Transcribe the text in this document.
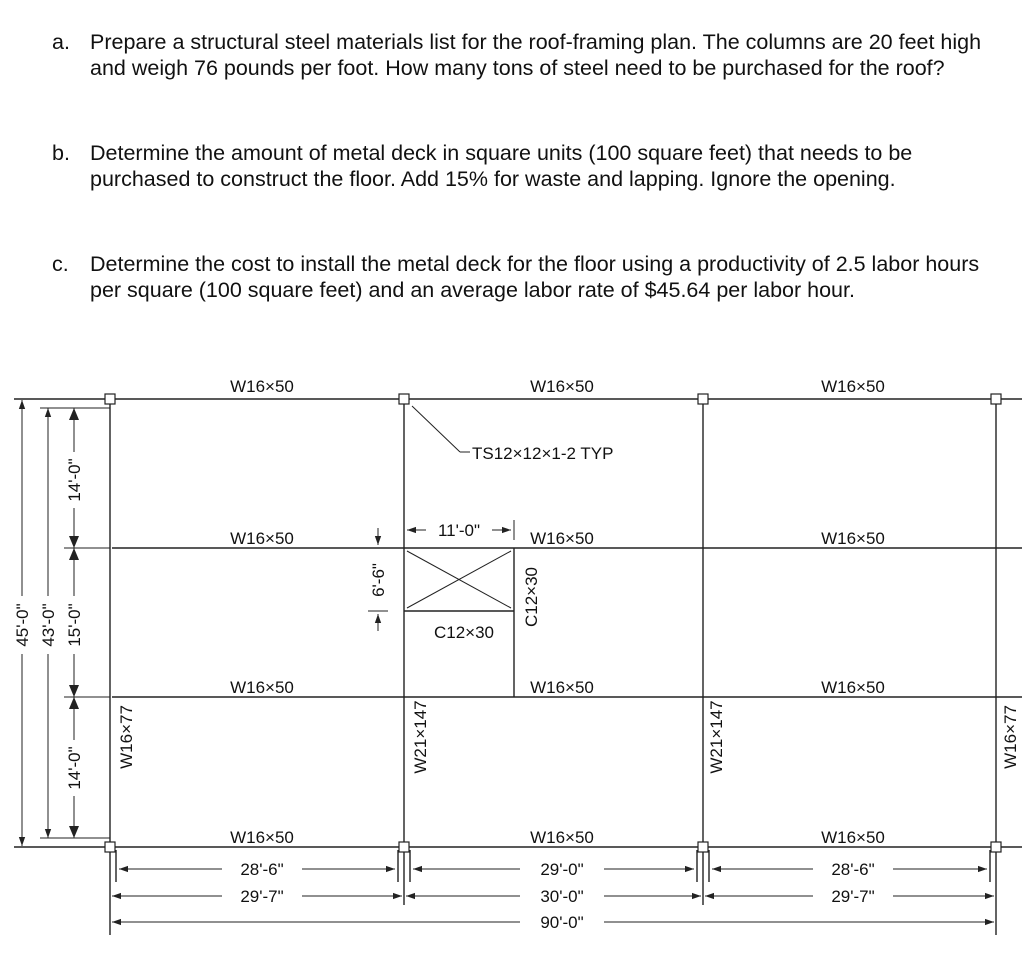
a. Prepare a structural steel materials list for the roof-framing plan. The columns are 20 feet high and weigh 76 pounds per foot. How many tons of steel need to be purchased for the roof?
b. Determine the amount of metal deck in square units (100 square feet) that needs to be purchased to construct the floor. Add 15% for waste and lapping. Ignore the opening.
c. Determine the cost to install the metal deck for the floor using a productivity of 2.5 labor hours per square (100 square feet) and an average labor rate of $45.64 per labor hour.
TS12×12×1-2 TYP
W16×50	W16×50	W16×50
W16×50	W16×50	W16×50
W16×50	W16×50	W16×50
W16×50	W16×50	W16×50
W16×77	W16×77
W21×147	W21×147
C12×30
C12×30
11'-0"
6'-6"
45'-0" 43'-0"
14'-0"
15'-0"
14'-0"
28'-6"	29'-0"	28'-6"
29'-7"	30'-0"	29'-7"
90'-0"
